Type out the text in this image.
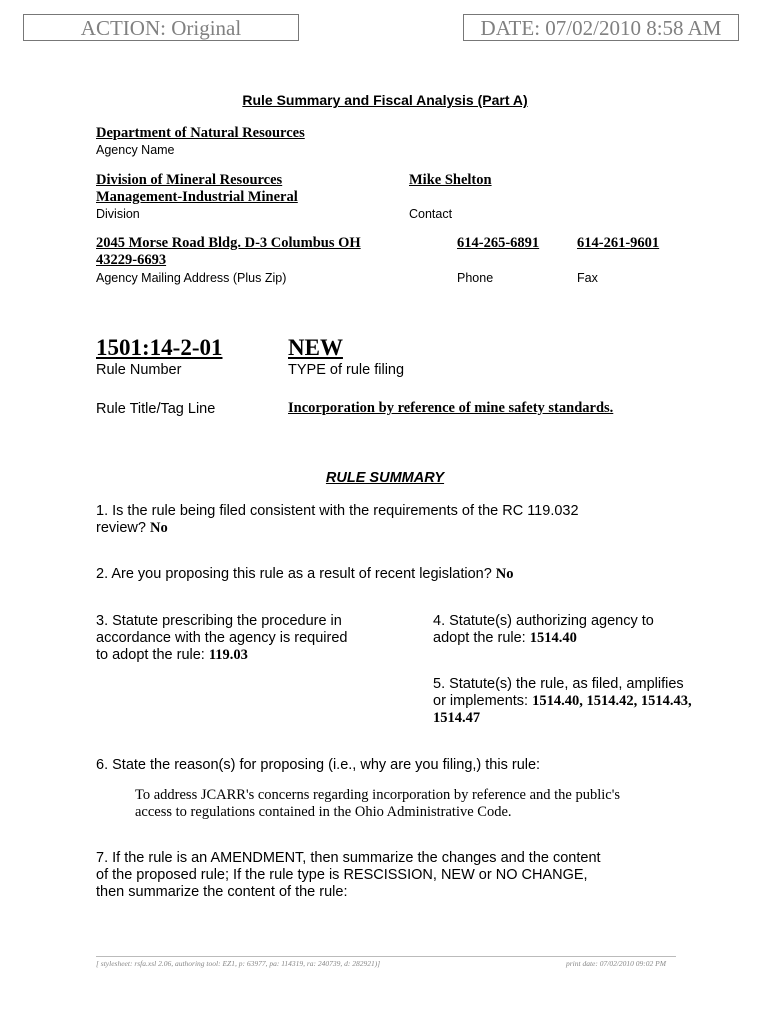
ACTION: Original	DATE: 07/02/2010 8:58 AM
Rule Summary and Fiscal Analysis (Part A)
Department of Natural Resources
Agency Name
Division of Mineral Resources
Management-Industrial Mineral
Division
Mike Shelton
Contact
2045 Morse Road Bldg. D-3 Columbus OH
43229-6693
Agency Mailing Address (Plus Zip)
614-265-6891
Phone
614-261-9601
Fax
1501:14-2-01
Rule Number
NEW
TYPE of rule filing
Rule Title/Tag Line	Incorporation by reference of mine safety standards.
RULE SUMMARY
1. Is the rule being filed consistent with the requirements of the RC 119.032
review? No
2. Are you proposing this rule as a result of recent legislation? No
3. Statute prescribing the procedure in
accordance with the agency is required
to adopt the rule: 119.03
4. Statute(s) authorizing agency to
adopt the rule: 1514.40
5. Statute(s) the rule, as filed, amplifies
or implements: 1514.40, 1514.42, 1514.43,
1514.47
6. State the reason(s) for proposing (i.e., why are you filing,) this rule:
To address JCARR's concerns regarding incorporation by reference and the public's
access to regulations contained in the Ohio Administrative Code.
7. If the rule is an AMENDMENT, then summarize the changes and the content
of the proposed rule; If the rule type is RESCISSION, NEW or NO CHANGE,
then summarize the content of the rule:
[ stylesheet: rsfa.xsl 2.06, authoring tool: EZ1, p: 63977, pa: 114319, ra: 240739, d: 282921)]	print date: 07/02/2010 09:02 PM
